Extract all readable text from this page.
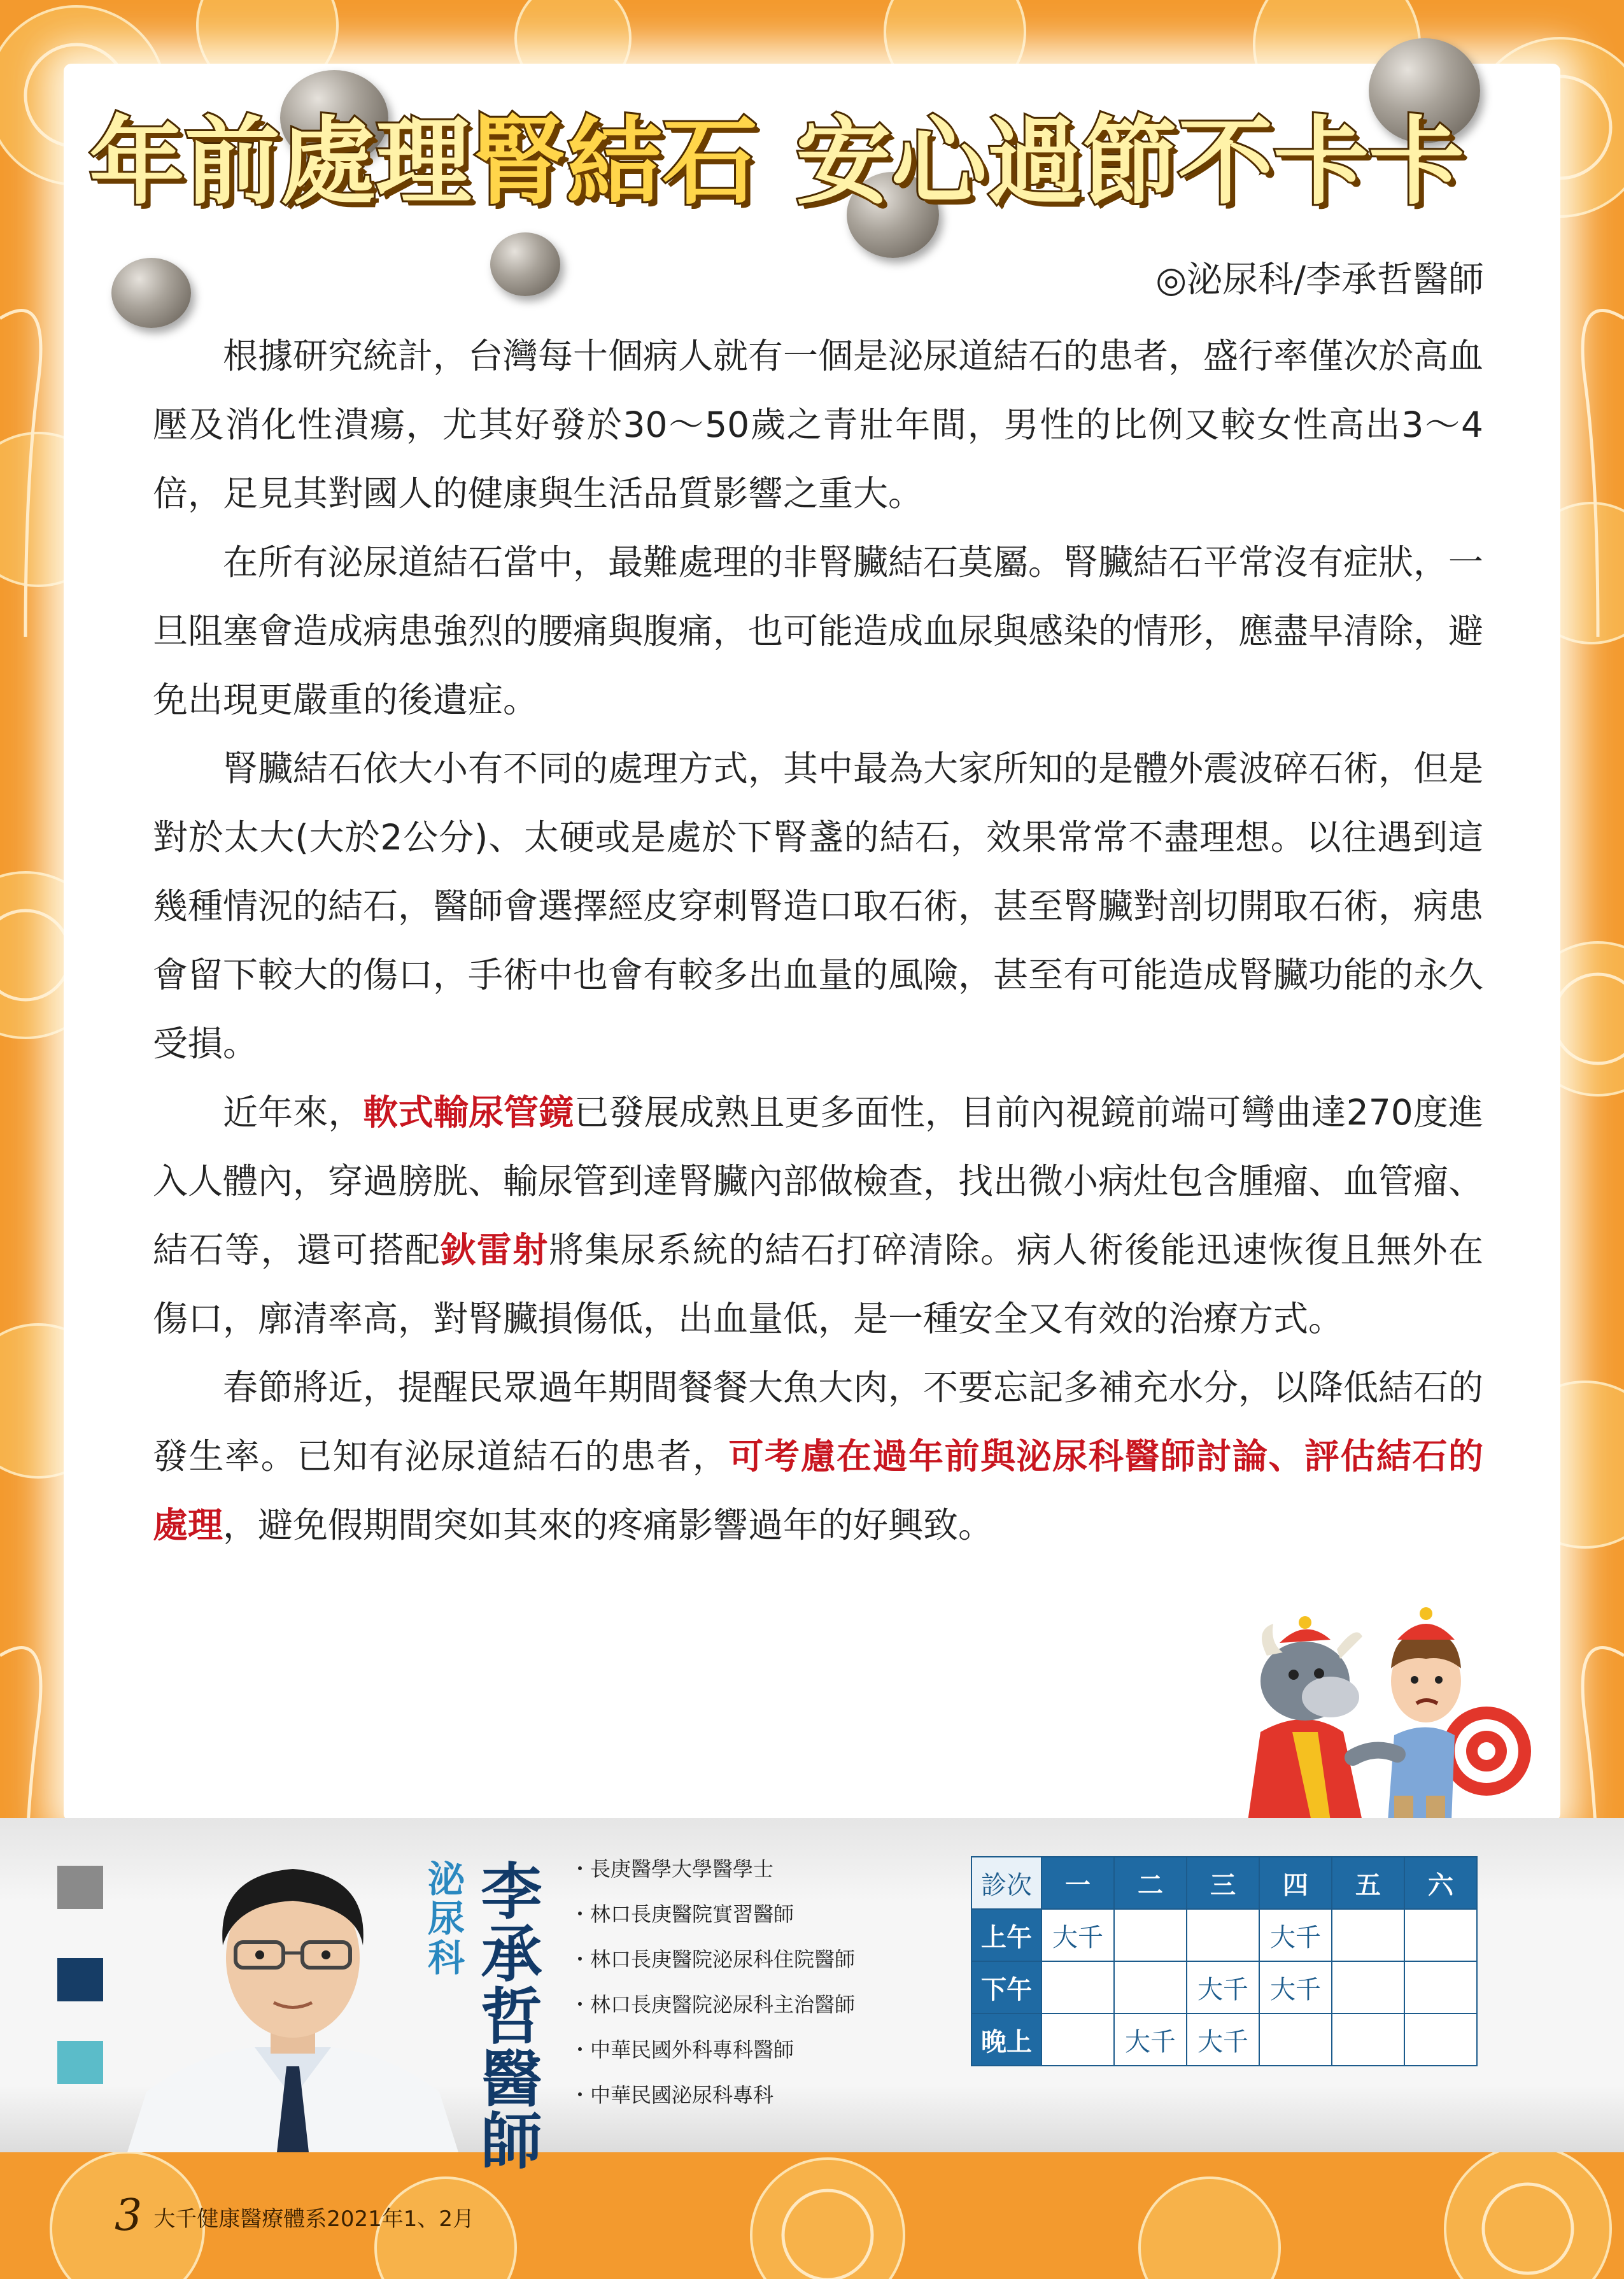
年前處理腎結石 安心過節不卡卡
◎泌尿科/李承哲醫師

根據研究統計，台灣每十個病人就有一個是泌尿道結石的患者，盛行率僅次於高血壓及消化性潰瘍，尤其好發於30～50歲之青壯年間，男性的比例又較女性高出3～4倍，足見其對國人的健康與生活品質影響之重大。

在所有泌尿道結石當中，最難處理的非腎臟結石莫屬。腎臟結石平常沒有症狀，一旦阻塞會造成病患強烈的腰痛與腹痛，也可能造成血尿與感染的情形，應盡早清除，避免出現更嚴重的後遺症。

腎臟結石依大小有不同的處理方式，其中最為大家所知的是體外震波碎石術，但是對於太大(大於2公分)、太硬或是處於下腎盞的結石，效果常常不盡理想。以往遇到這幾種情況的結石，醫師會選擇經皮穿刺腎造口取石術，甚至腎臟對剖切開取石術，病患會留下較大的傷口，手術中也會有較多出血量的風險，甚至有可能造成腎臟功能的永久受損。

近年來，軟式輸尿管鏡已發展成熟且更多面性，目前內視鏡前端可彎曲達270度進入人體內，穿過膀胱、輸尿管到達腎臟內部做檢查，找出微小病灶包含腫瘤、血管瘤、結石等，還可搭配鈥雷射將集尿系統的結石打碎清除。病人術後能迅速恢復且無外在傷口，廓清率高，對腎臟損傷低，出血量低，是一種安全又有效的治療方式。

春節將近，提醒民眾過年期間餐餐大魚大肉，不要忘記多補充水分，以降低結石的發生率。已知有泌尿道結石的患者，可考慮在過年前與泌尿科醫師討論、評估結石的處理，避免假期間突如其來的疼痛影響過年的好興致。

泌尿科 李承哲醫師	・長庚醫學大學醫學士
・林口長庚醫院實習醫師
・林口長庚醫院泌尿科住院醫師
・林口長庚醫院泌尿科主治醫師
・中華民國外科專科醫師
・中華民國泌尿科專科
診次	一	二	三	四	五	六
上午	大千			大千		
下午			大千	大千		
晚上		大千	大千			
3 大千健康醫療體系2021年1、2月
